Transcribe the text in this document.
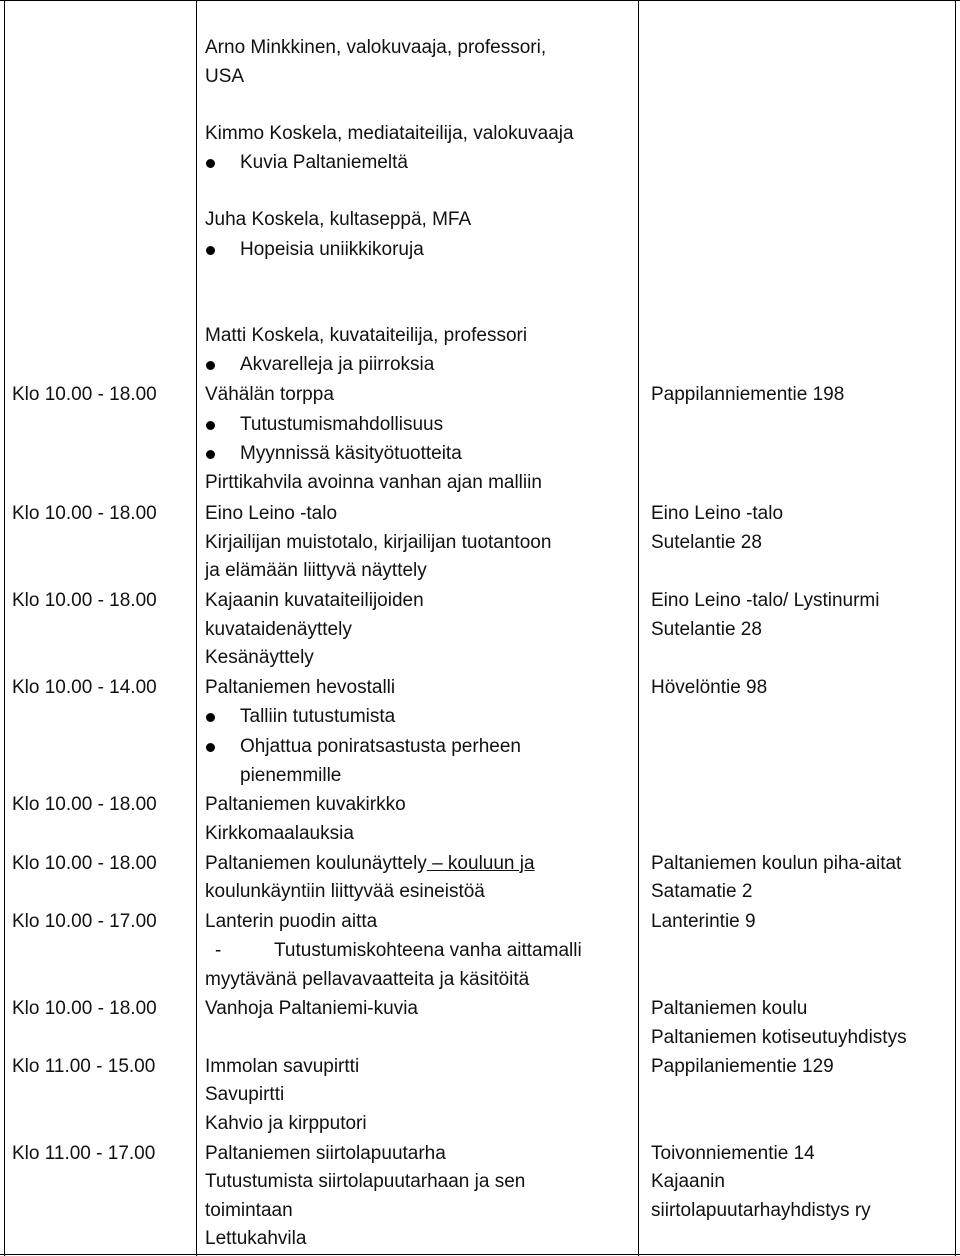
Arno Minkkinen, valokuvaaja, professori,
USA
Kimmo Koskela, mediataiteilija, valokuvaaja
Kuvia Paltaniemeltä
Juha Koskela, kultaseppä, MFA
Hopeisia uniikkikoruja
Matti Koskela, kuvataiteilija, professori
Akvarelleja ja piirroksia
Klo 10.00 - 18.00	Vähälän torppa	Pappilanniementie 198
Tutustumismahdollisuus
Myynnissä käsityötuotteita
Pirttikahvila avoinna vanhan ajan malliin
Klo 10.00 - 18.00	Eino Leino -talo	Eino Leino -talo
Kirjailijan muistotalo, kirjailijan tuotantoon	Sutelantie 28
ja elämään liittyvä näyttely
Klo 10.00 - 18.00	Kajaanin kuvataiteilijoiden	Eino Leino -talo/ Lystinurmi
kuvataidenäyttely	Sutelantie 28
Kesänäyttely
Klo 10.00 - 14.00	Paltaniemen hevostalli	Hövelöntie 98
Talliin tutustumista
Ohjattua poniratsastusta perheen
pienemmille
Klo 10.00 - 18.00	Paltaniemen kuvakirkko
Kirkkomaalauksia
Klo 10.00 - 18.00	Paltaniemen koulunäyttely – kouluun ja	Paltaniemen koulun piha-aitat
koulunkäyntiin liittyvää esineistöä	Satamatie 2
Klo 10.00 - 17.00	Lanterin puodin aitta	Lanterintie 9
-	Tutustumiskohteena vanha aittamalli
myytävänä pellavavaatteita ja käsitöitä
Klo 10.00 - 18.00	Vanhoja Paltaniemi-kuvia	Paltaniemen koulu
Paltaniemen kotiseutuyhdistys
Klo 11.00 - 15.00	Immolan savupirtti	Pappilaniementie 129
Savupirtti
Kahvio ja kirpputori
Klo 11.00 - 17.00	Paltaniemen siirtolapuutarha	Toivonniementie 14
Tutustumista siirtolapuutarhaan ja sen	Kajaanin
toimintaan	siirtolapuutarhayhdistys ry
Lettukahvila
